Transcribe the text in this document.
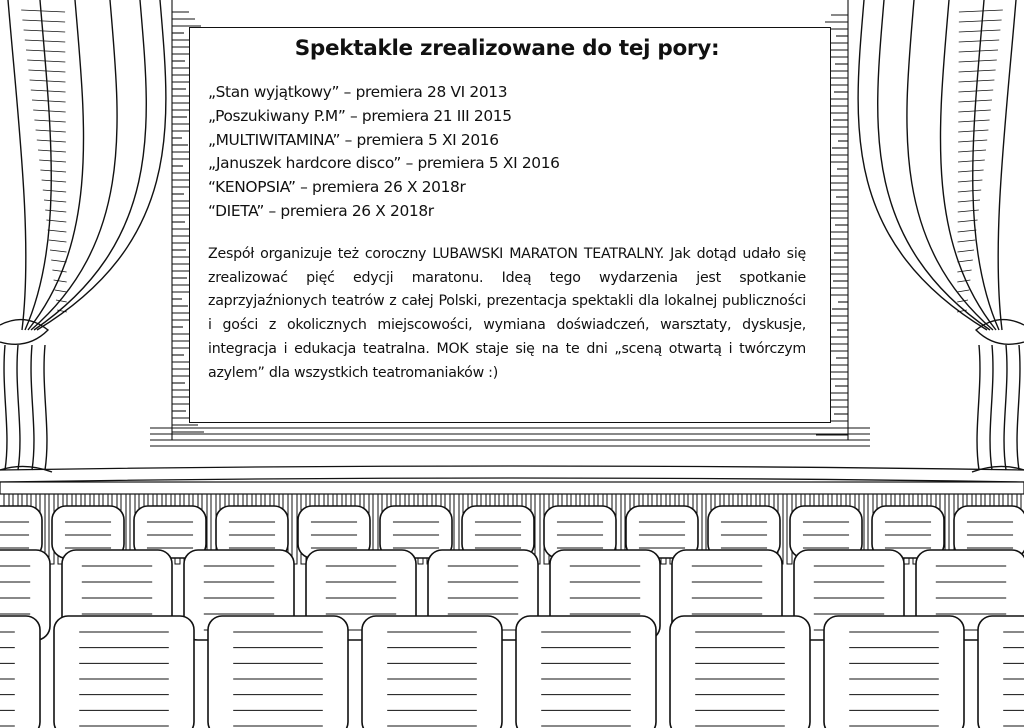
Spektakle zrealizowane do tej pory:
„Stan wyjątkowy” – premiera 28 VI 2013
„Poszukiwany P.M” – premiera 21 III 2015
„MULTIWITAMINA” – premiera 5 XI 2016
„Januszek hardcore disco” – premiera 5 XI 2016
“KENOPSIA” – premiera 26 X 2018r
“DIETA” – premiera 26 X 2018r

Zespół organizuje też coroczny LUBAWSKI MARATON TEATRALNY. Jak dotąd udało się zrealizować pięć edycji maratonu. Ideą tego wydarzenia jest spotkanie zaprzyjaźnionych teatrów z całej Polski, prezentacja spektakli dla lokalnej publiczności i gości z okolicznych miejscowości, wymiana doświadczeń, warsztaty, dyskusje, integracja i edukacja teatralna. MOK staje się na te dni „sceną otwartą i twórczym azylem” dla wszystkich teatromaniaków :)
